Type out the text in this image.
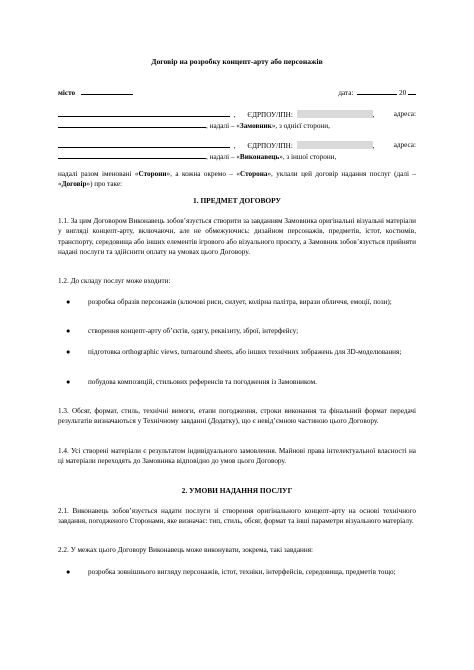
Договір на розробку концепт-арту або персонажів
місто	дата:	20
, ЄДРПОУ/ІПН:	,	адреса:
, надалі – «Замовник», з однієї сторони,
, ЄДРПОУ/ІПН:	,	адреса:
, надалі – «Виконавець», з іншої сторони,
надалі разом іменовані «Сторони», а кожна окремо – «Сторона», уклали цей договір надання послуг (далі – «Договір») про таке:
1. ПРЕДМЕТ ДОГОВОРУ
1.1. За цим Договором Виконавець зобов’язується створити за завданням Замовника оригінальні візуальні матеріали у вигляді концепт-арту, включаючи, але не обмежуючись: дизайном персонажів, предметів, істот, костюмів, транспорту, середовища або інших елементів ігрового або візуального проєкту, а Замовник зобов’язується прийняти надані послуги та здійснити оплату на умовах цього Договору.
1.2. До складу послуг може входити:
● розробка образів персонажів (ключові риси, силует, колірна палітра, вирази обличчя, емоції, пози);
● створення концепт-арту об’єктів, одягу, реквізиту, зброї, інтерфейсу;
● підготовка orthographic views, turnaround sheets, або інших технічних зображень для 3D-моделювання;
● побудова композицій, стильових референсів та погодження із Замовником.
1.3. Обсяг, формат, стиль, технічні вимоги, етапи погодження, строки виконання та фінальний формат передачі результатів визначаються у Технічному завданні (Додатку), що є невід’ємною частиною цього Договору.
1.4. Усі створені матеріали є результатом індивідуального замовлення. Майнові права інтелектуальної власності на ці матеріали переходять до Замовника відповідно до умов цього Договору.
2. УМОВИ НАДАННЯ ПОСЛУГ
2.1. Виконавець зобов’язується надати послуги зі створення оригінального концепт-арту на основі технічного завдання, погодженого Сторонами, яке визначає: тип, стиль, обсяг, формат та інші параметри візуального матеріалу.
2.2. У межах цього Договору Виконавець може виконувати, зокрема, такі завдання:
● розробка зовнішнього вигляду персонажів, істот, техніки, інтерфейсів, середовища, предметів тощо;
